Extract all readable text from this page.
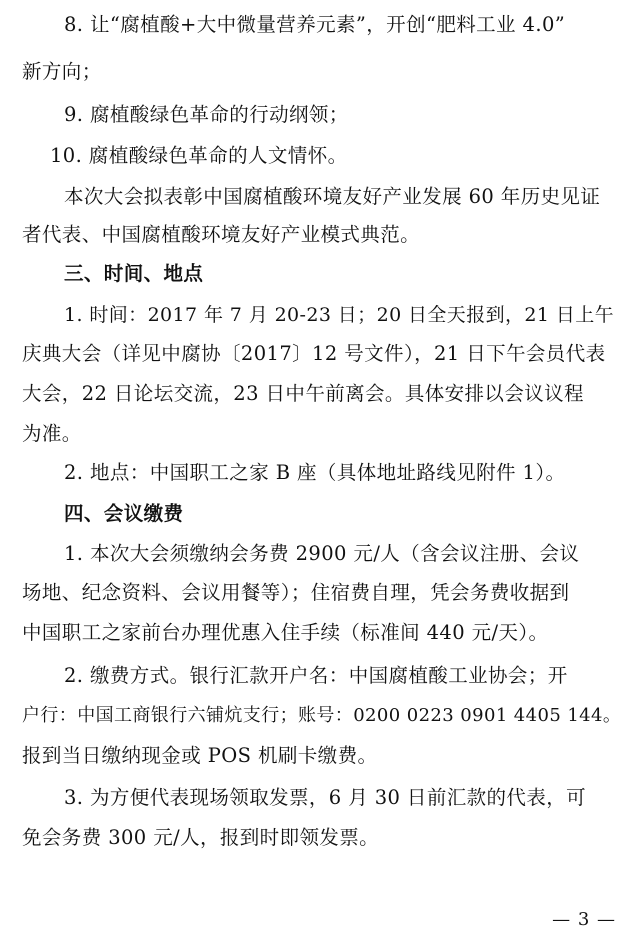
8. 让“腐植酸+大中微量营养元素”，开创“肥料工业 4.0”
新方向；
9. 腐植酸绿色革命的行动纲领；
10. 腐植酸绿色革命的人文情怀。
本次大会拟表彰中国腐植酸环境友好产业发展 60 年历史见证
者代表、中国腐植酸环境友好产业模式典范。
三、时间、地点
1. 时间：2017 年 7 月 20-23 日；20 日全天报到，21 日上午
庆典大会（详见中腐协〔2017〕12 号文件），21 日下午会员代表
大会，22 日论坛交流，23 日中午前离会。具体安排以会议议程
为准。
2. 地点：中国职工之家 B 座（具体地址路线见附件 1）。
四、会议缴费
1. 本次大会须缴纳会务费 2900 元/人（含会议注册、会议
场地、纪念资料、会议用餐等）；住宿费自理，凭会务费收据到
中国职工之家前台办理优惠入住手续（标准间 440 元/天）。
2. 缴费方式。银行汇款开户名：中国腐植酸工业协会；开
户行：中国工商银行六铺炕支行；账号：0200 0223 0901 4405 144。
报到当日缴纳现金或 POS 机刷卡缴费。
3. 为方便代表现场领取发票，6 月 30 日前汇款的代表，可
免会务费 300 元/人，报到时即领发票。
— 3 —
